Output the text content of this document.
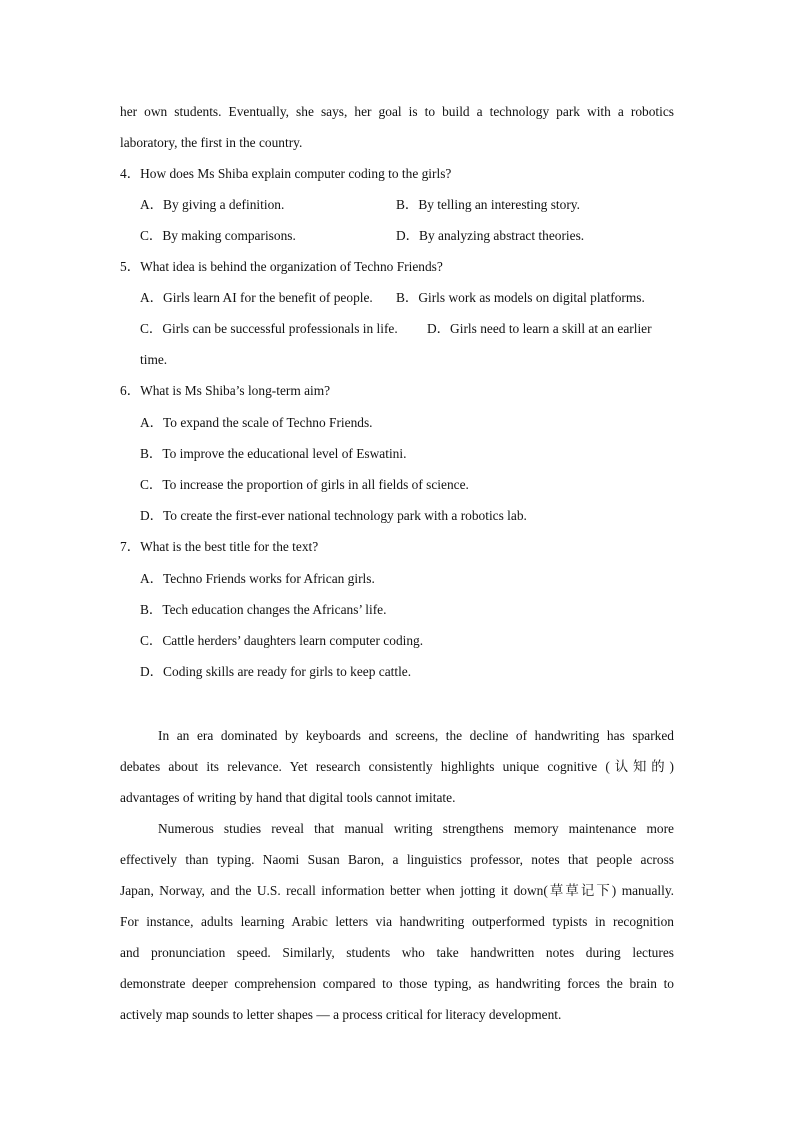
her own students. Eventually, she says, her goal is to build a technology park with a robotics
laboratory, the first in the country.
4．How does Ms Shiba explain computer coding to the girls?
A．By giving a definition.	B．By telling an interesting story.
C．By making comparisons.	D．By analyzing abstract theories.
5．What idea is behind the organization of Techno Friends?
A．Girls learn AI for the benefit of people.	B．Girls work as models on digital platforms.
C．Girls can be successful professionals in life.	D．Girls need to learn a skill at an earlier
time.
6．What is Ms Shiba’s long-term aim?
A．To expand the scale of Techno Friends.
B．To improve the educational level of Eswatini.
C．To increase the proportion of girls in all fields of science.
D．To create the first-ever national technology park with a robotics lab.
7．What is the best title for the text?
A．Techno Friends works for African girls.
B．Tech education changes the Africans’ life.
C．Cattle herders’ daughters learn computer coding.
D．Coding skills are ready for girls to keep cattle.
In an era dominated by keyboards and screens, the decline of handwriting has sparked
debates about its relevance. Yet research consistently highlights unique cognitive (认知的)
advantages of writing by hand that digital tools cannot imitate.
Numerous studies reveal that manual writing strengthens memory maintenance more
effectively than typing. Naomi Susan Baron, a linguistics professor, notes that people across
Japan, Norway, and the U.S. recall information better when jotting it down(草草记下) manually.
For instance, adults learning Arabic letters via handwriting outperformed typists in recognition
and pronunciation speed. Similarly, students who take handwritten notes during lectures
demonstrate deeper comprehension compared to those typing, as handwriting forces the brain to
actively map sounds to letter shapes — a process critical for literacy development.
